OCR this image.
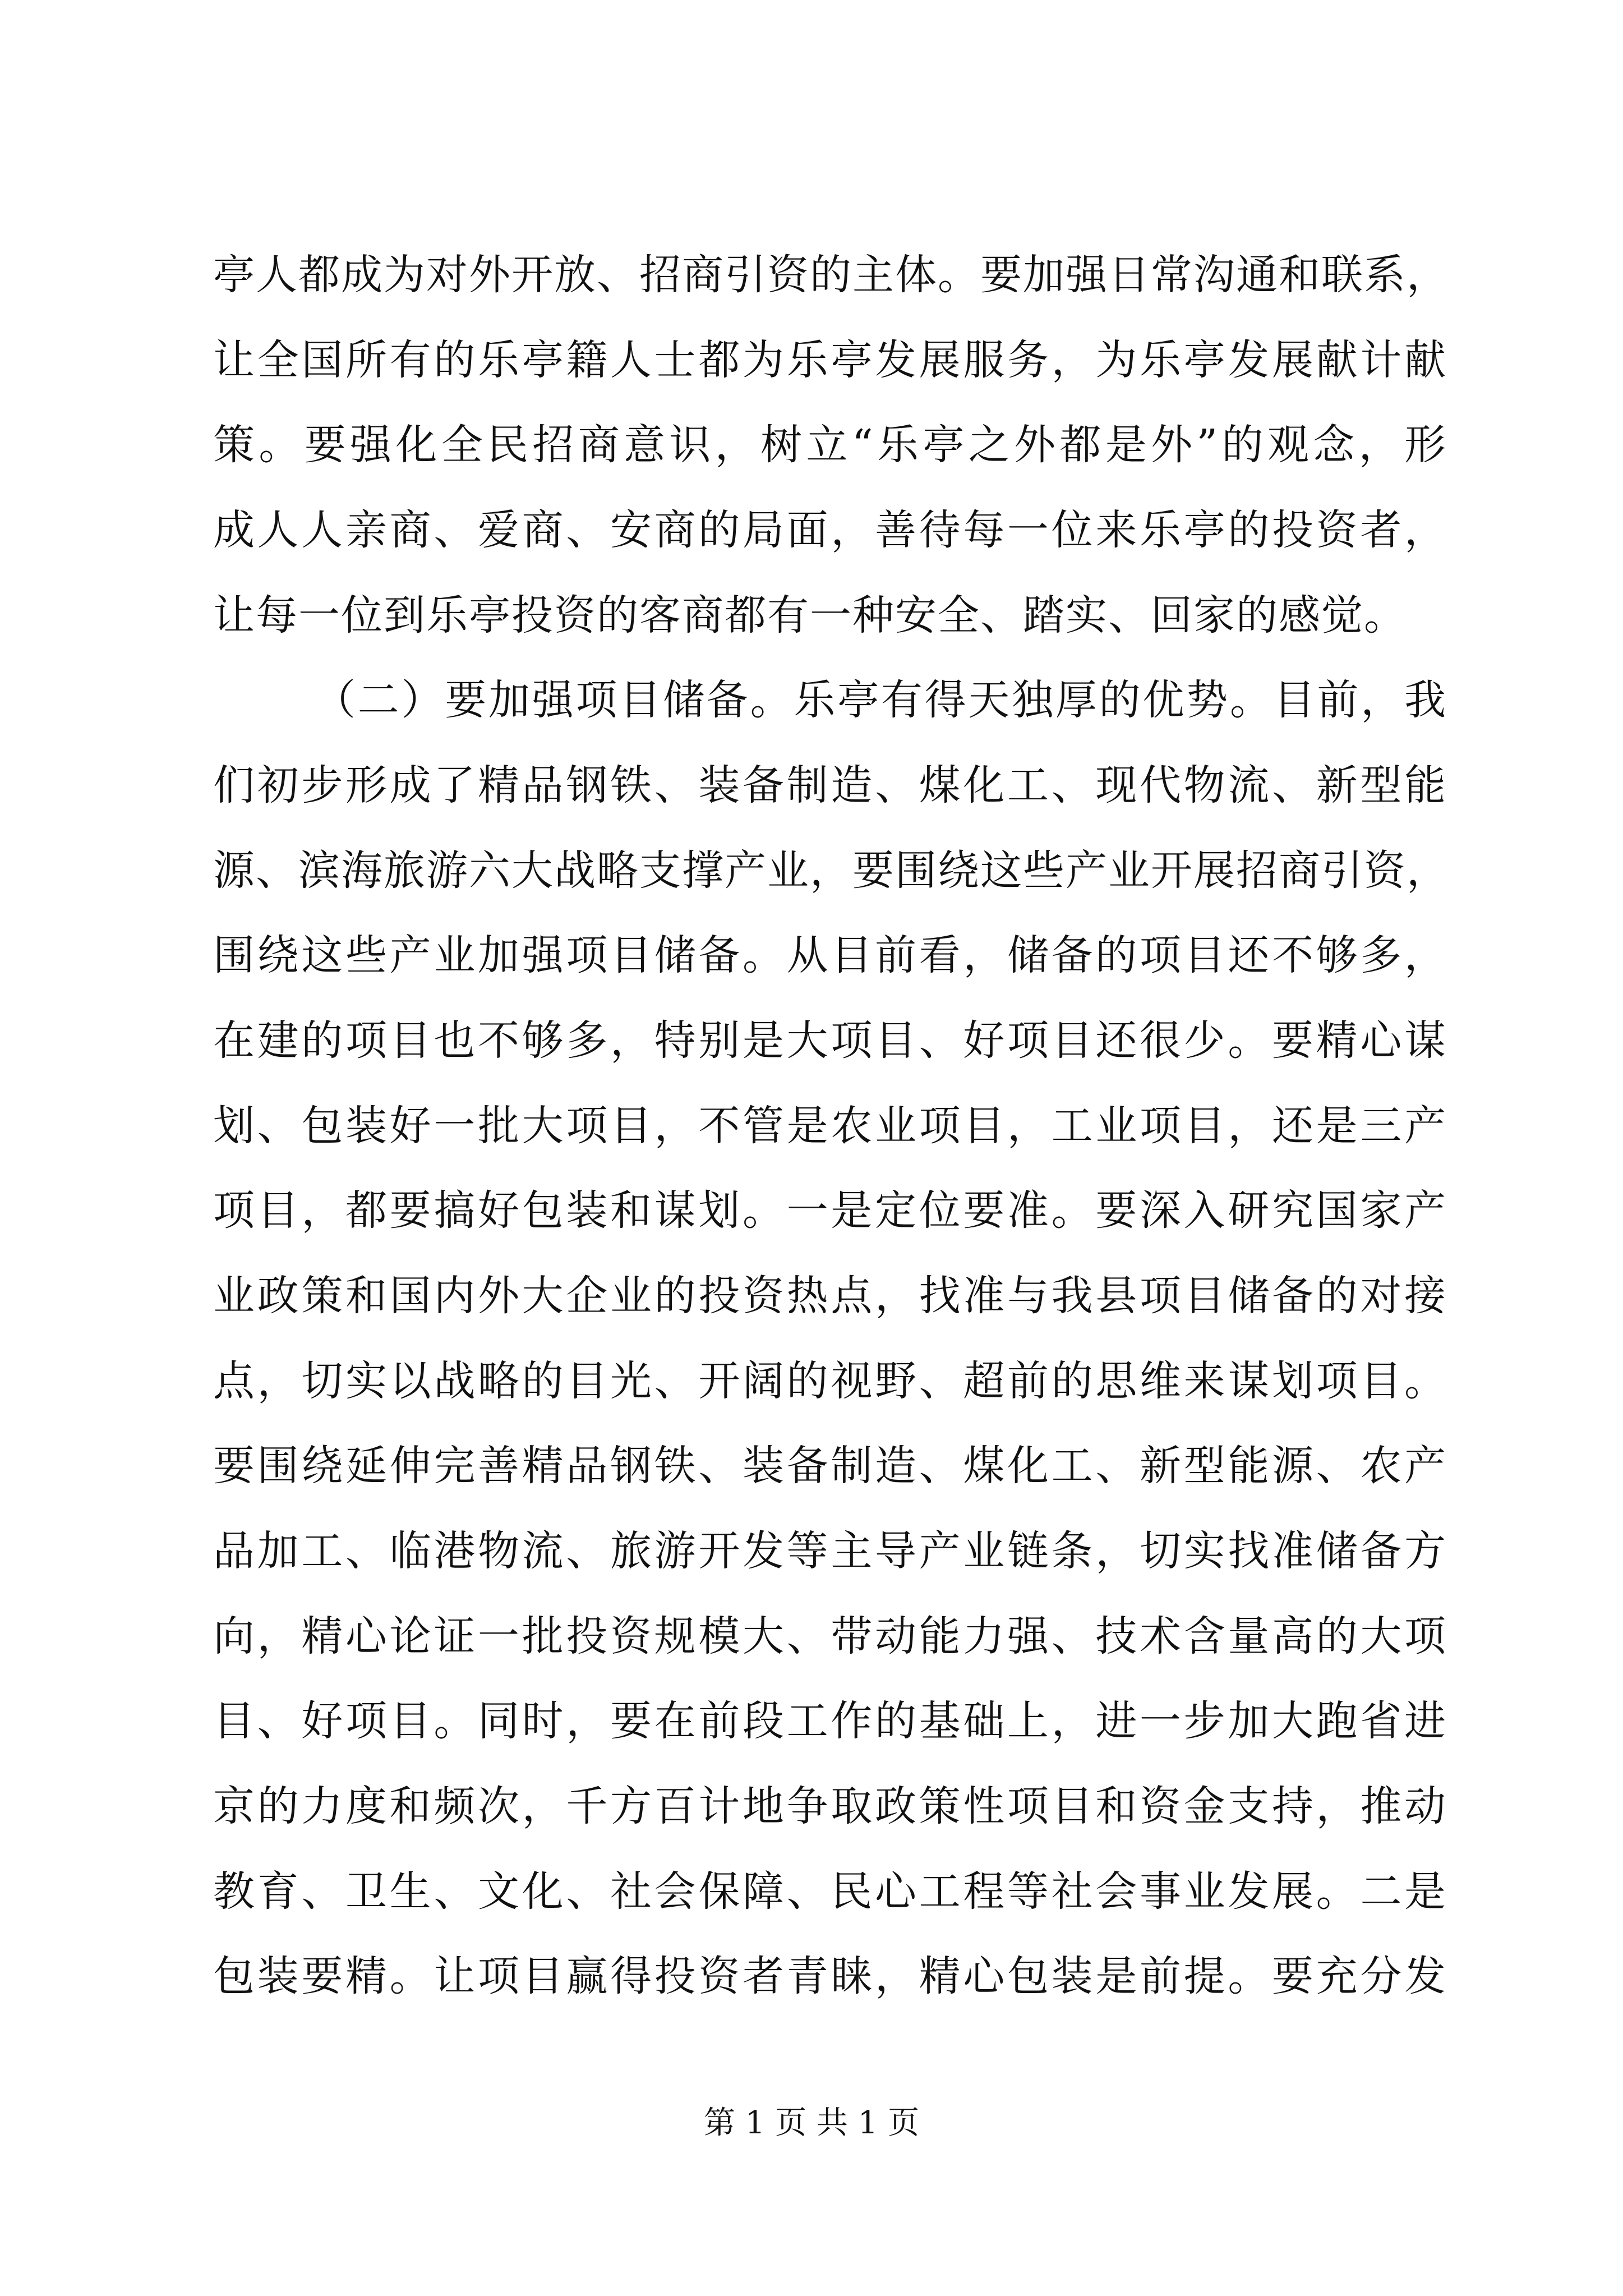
亭人都成为对外开放、招商引资的主体。要加强日常沟通和联系，
让全国所有的乐亭籍人士都为乐亭发展服务，为乐亭发展献计献
策。要强化全民招商意识，树立“乐亭之外都是外”的观念，形
成人人亲商、爱商、安商的局面，善待每一位来乐亭的投资者，
让每一位到乐亭投资的客商都有一种安全、踏实、回家的感觉。
（二）要加强项目储备。乐亭有得天独厚的优势。目前，我
们初步形成了精品钢铁、装备制造、煤化工、现代物流、新型能
源、滨海旅游六大战略支撑产业，要围绕这些产业开展招商引资，
围绕这些产业加强项目储备。从目前看，储备的项目还不够多，
在建的项目也不够多，特别是大项目、好项目还很少。要精心谋
划、包装好一批大项目，不管是农业项目，工业项目，还是三产
项目，都要搞好包装和谋划。一是定位要准。要深入研究国家产
业政策和国内外大企业的投资热点，找准与我县项目储备的对接
点，切实以战略的目光、开阔的视野、超前的思维来谋划项目。
要围绕延伸完善精品钢铁、装备制造、煤化工、新型能源、农产
品加工、临港物流、旅游开发等主导产业链条，切实找准储备方
向，精心论证一批投资规模大、带动能力强、技术含量高的大项
目、好项目。同时，要在前段工作的基础上，进一步加大跑省进
京的力度和频次，千方百计地争取政策性项目和资金支持，推动
教育、卫生、文化、社会保障、民心工程等社会事业发展。二是
包装要精。让项目赢得投资者青睐，精心包装是前提。要充分发
第 1 页 共 1 页
